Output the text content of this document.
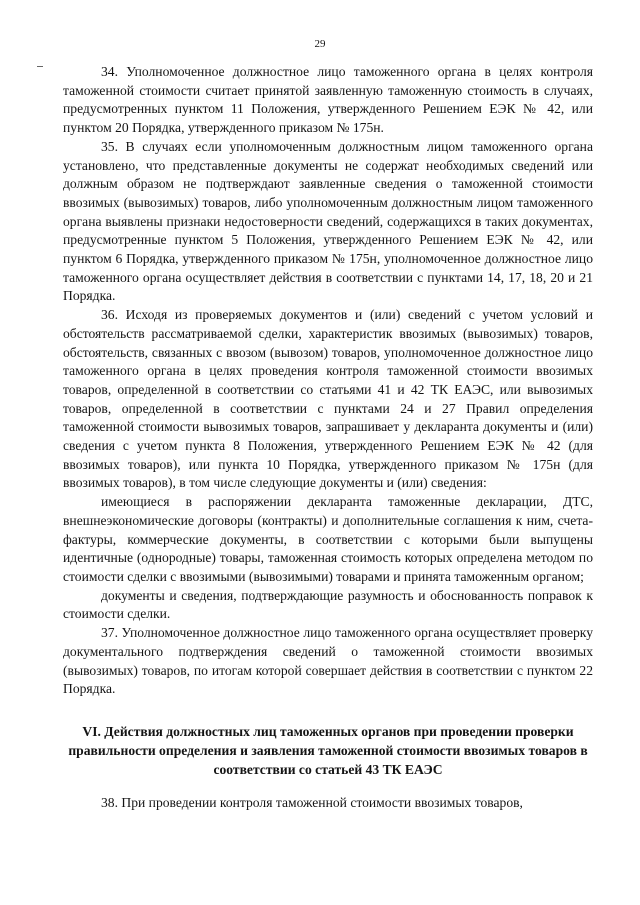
29

34. Уполномоченное должностное лицо таможенного органа в целях контроля таможенной стоимости считает принятой заявленную таможенную стоимость в случаях, предусмотренных пунктом 11 Положения, утвержденного Решением ЕЭК № 42, или пунктом 20 Порядка, утвержденного приказом № 175н.

35. В случаях если уполномоченным должностным лицом таможенного органа установлено, что представленные документы не содержат необходимых сведений или должным образом не подтверждают заявленные сведения о таможенной стоимости ввозимых (вывозимых) товаров, либо уполномоченным должностным лицом таможенного органа выявлены признаки недостоверности сведений, содержащихся в таких документах, предусмотренные пунктом 5 Положения, утвержденного Решением ЕЭК № 42, или пунктом 6 Порядка, утвержденного приказом № 175н, уполномоченное должностное лицо таможенного органа осуществляет действия в соответствии с пунктами 14, 17, 18, 20 и 21 Порядка.

36. Исходя из проверяемых документов и (или) сведений с учетом условий и обстоятельств рассматриваемой сделки, характеристик ввозимых (вывозимых) товаров, обстоятельств, связанных с ввозом (вывозом) товаров, уполномоченное должностное лицо таможенного органа в целях проведения контроля таможенной стоимости ввозимых товаров, определенной в соответствии со статьями 41 и 42 ТК ЕАЭС, или вывозимых товаров, определенной в соответствии с пунктами 24 и 27 Правил определения таможенной стоимости вывозимых товаров, запрашивает у декларанта документы и (или) сведения с учетом пункта 8 Положения, утвержденного Решением ЕЭК № 42 (для ввозимых товаров), или пункта 10 Порядка, утвержденного приказом № 175н (для ввозимых товаров), в том числе следующие документы и (или) сведения:

имеющиеся в распоряжении декларанта таможенные декларации, ДТС, внешнеэкономические договоры (контракты) и дополнительные соглашения к ним, счета-фактуры, коммерческие документы, в соответствии с которыми были выпущены идентичные (однородные) товары, таможенная стоимость которых определена методом по стоимости сделки с ввозимыми (вывозимыми) товарами и принята таможенным органом;

документы и сведения, подтверждающие разумность и обоснованность поправок к стоимости сделки.

37. Уполномоченное должностное лицо таможенного органа осуществляет проверку документального подтверждения сведений о таможенной стоимости ввозимых (вывозимых) товаров, по итогам которой совершает действия в соответствии с пунктом 22 Порядка.

VI. Действия должностных лиц таможенных органов при проведении проверки правильности определения и заявления таможенной стоимости ввозимых товаров в соответствии со статьей 43 ТК ЕАЭС

38. При проведении контроля таможенной стоимости ввозимых товаров,
